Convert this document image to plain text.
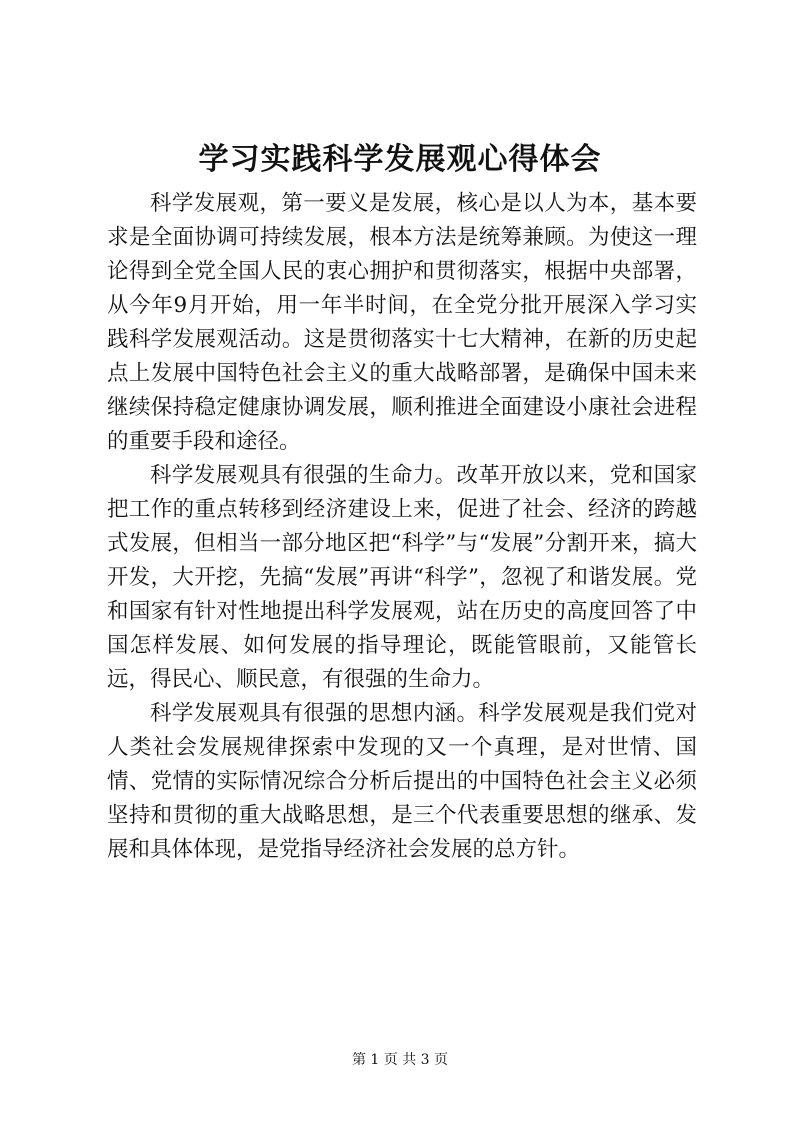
学习实践科学发展观心得体会

科学发展观，第一要义是发展，核心是以人为本，基本要求是全面协调可持续发展，根本方法是统筹兼顾。为使这一理论得到全党全国人民的衷心拥护和贯彻落实，根据中央部署，从今年9月开始，用一年半时间，在全党分批开展深入学习实践科学发展观活动。这是贯彻落实十七大精神，在新的历史起点上发展中国特色社会主义的重大战略部署，是确保中国未来继续保持稳定健康协调发展，顺利推进全面建设小康社会进程的重要手段和途径。

科学发展观具有很强的生命力。改革开放以来，党和国家把工作的重点转移到经济建设上来，促进了社会、经济的跨越式发展，但相当一部分地区把“科学”与“发展”分割开来，搞大开发，大开挖，先搞“发展”再讲“科学”，忽视了和谐发展。党和国家有针对性地提出科学发展观，站在历史的高度回答了中国怎样发展、如何发展的指导理论，既能管眼前，又能管长远，得民心、顺民意，有很强的生命力。

科学发展观具有很强的思想内涵。科学发展观是我们党对人类社会发展规律探索中发现的又一个真理，是对世情、国情、党情的实际情况综合分析后提出的中国特色社会主义必须坚持和贯彻的重大战略思想，是三个代表重要思想的继承、发展和具体体现，是党指导经济社会发展的总方针。

第 1 页 共 3 页
